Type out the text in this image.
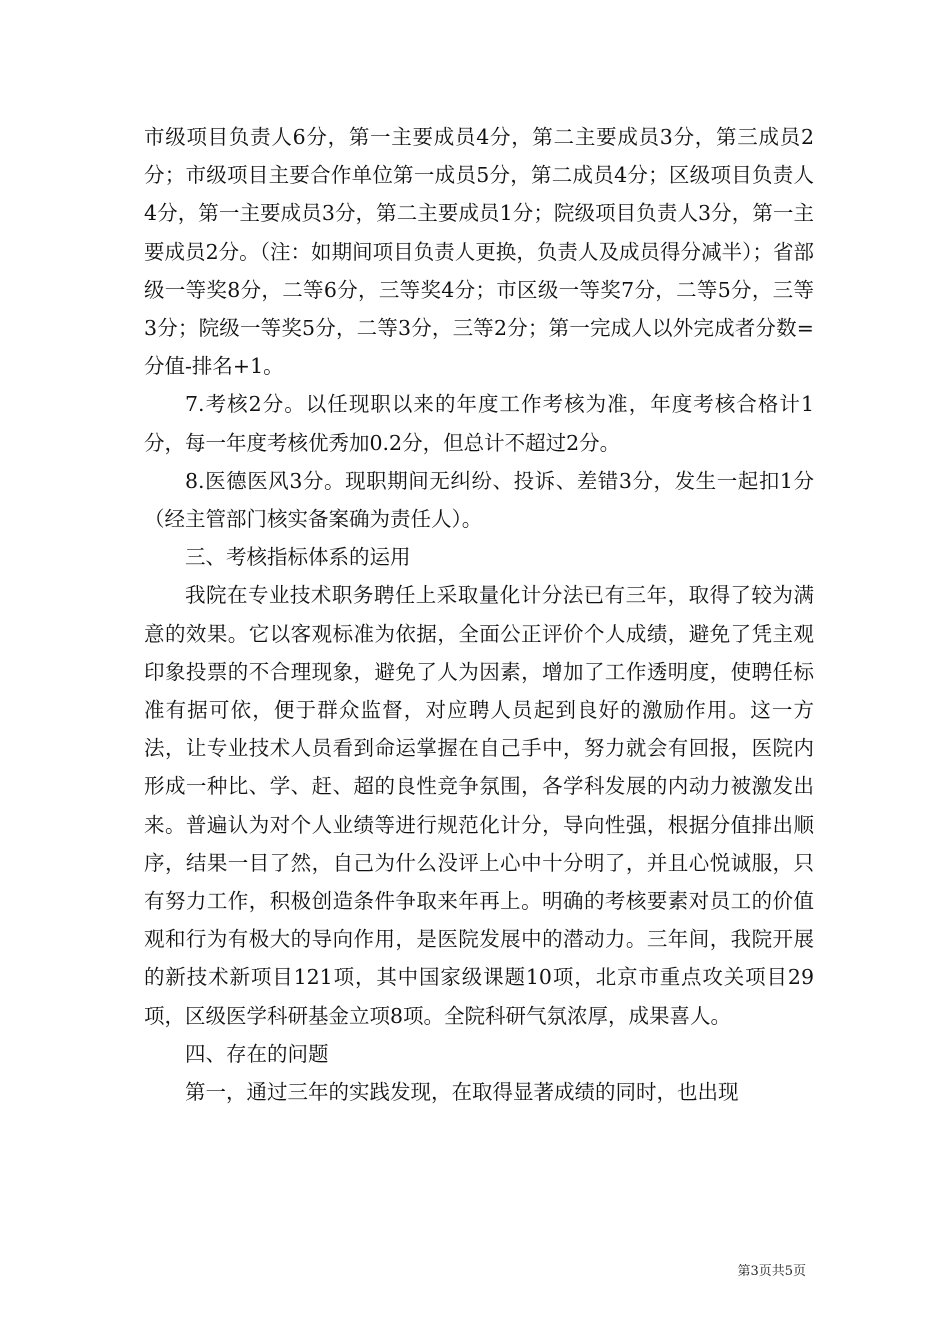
市级项目负责人6分，第一主要成员4分，第二主要成员3分，第三成员2分；市级项目主要合作单位第一成员5分，第二成员4分；区级项目负责人4分，第一主要成员3分，第二主要成员1分；院级项目负责人3分，第一主要成员2分。（注：如期间项目负责人更换，负责人及成员得分减半）；省部级一等奖8分，二等6分，三等奖4分；市区级一等奖7分，二等5分，三等3分；院级一等奖5分，二等3分，三等2分；第一完成人以外完成者分数=分值-排名+1。

7.考核2分。以任现职以来的年度工作考核为准，年度考核合格计1分，每一年度考核优秀加0.2分，但总计不超过2分。

8.医德医风3分。现职期间无纠纷、投诉、差错3分，发生一起扣1分（经主管部门核实备案确为责任人）。

三、考核指标体系的运用

我院在专业技术职务聘任上采取量化计分法已有三年，取得了较为满意的效果。它以客观标准为依据，全面公正评价个人成绩，避免了凭主观印象投票的不合理现象，避免了人为因素，增加了工作透明度，使聘任标准有据可依，便于群众监督，对应聘人员起到良好的激励作用。这一方法，让专业技术人员看到命运掌握在自己手中，努力就会有回报，医院内形成一种比、学、赶、超的良性竞争氛围，各学科发展的内动力被激发出来。普遍认为对个人业绩等进行规范化计分，导向性强，根据分值排出顺序，结果一目了然，自己为什么没评上心中十分明了，并且心悦诚服，只有努力工作，积极创造条件争取来年再上。明确的考核要素对员工的价值观和行为有极大的导向作用，是医院发展中的潜动力。三年间，我院开展的新技术新项目121项，其中国家级课题10项，北京市重点攻关项目29项，区级医学科研基金立项8项。全院科研气氛浓厚，成果喜人。

四、存在的问题

第一，通过三年的实践发现，在取得显著成绩的同时，也出现

第3页共5页
